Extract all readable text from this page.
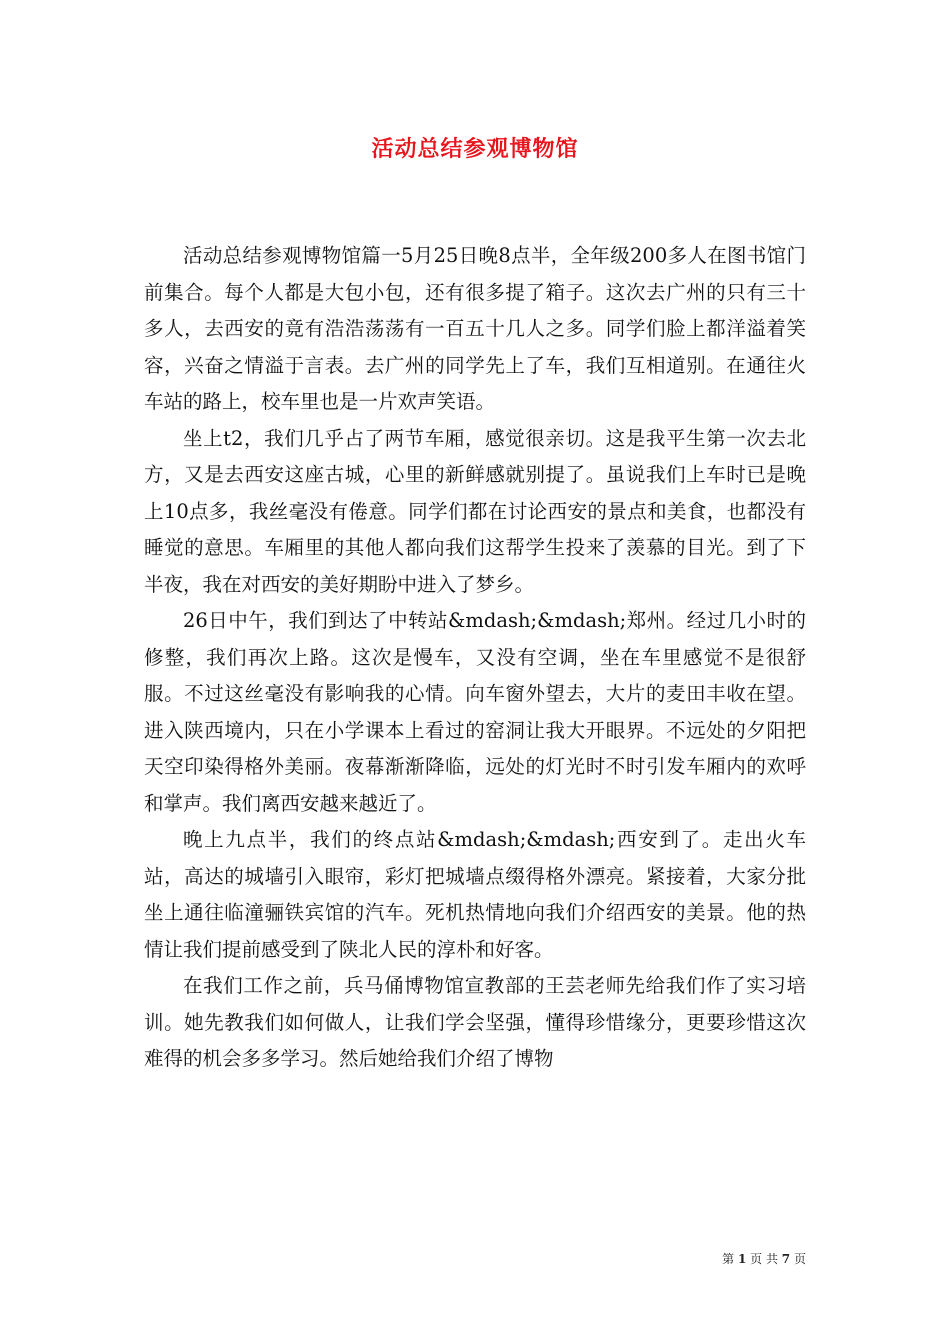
活动总结参观博物馆

活动总结参观博物馆篇一5月25日晚8点半，全年级200多人在图书馆门前集合。每个人都是大包小包，还有很多提了箱子。这次去广州的只有三十多人，去西安的竟有浩浩荡荡有一百五十几人之多。同学们脸上都洋溢着笑容，兴奋之情溢于言表。去广州的同学先上了车，我们互相道别。在通往火车站的路上，校车里也是一片欢声笑语。

坐上t2，我们几乎占了两节车厢，感觉很亲切。这是我平生第一次去北方，又是去西安这座古城，心里的新鲜感就别提了。虽说我们上车时已是晚上10点多，我丝毫没有倦意。同学们都在讨论西安的景点和美食，也都没有睡觉的意思。车厢里的其他人都向我们这帮学生投来了羡慕的目光。到了下半夜，我在对西安的美好期盼中进入了梦乡。

26日中午，我们到达了中转站&mdash;&mdash;郑州。经过几小时的修整，我们再次上路。这次是慢车，又没有空调，坐在车里感觉不是很舒服。不过这丝毫没有影响我的心情。向车窗外望去，大片的麦田丰收在望。进入陕西境内，只在小学课本上看过的窑洞让我大开眼界。不远处的夕阳把天空印染得格外美丽。夜幕渐渐降临，远处的灯光时不时引发车厢内的欢呼和掌声。我们离西安越来越近了。

晚上九点半，我们的终点站&mdash;&mdash;西安到了。走出火车站，高达的城墙引入眼帘，彩灯把城墙点缀得格外漂亮。紧接着，大家分批坐上通往临潼骊铁宾馆的汽车。死机热情地向我们介绍西安的美景。他的热情让我们提前感受到了陕北人民的淳朴和好客。

在我们工作之前，兵马俑博物馆宣教部的王芸老师先给我们作了实习培训。她先教我们如何做人，让我们学会坚强，懂得珍惜缘分，更要珍惜这次难得的机会多多学习。然后她给我们介绍了博物

第 1 页 共 7 页
